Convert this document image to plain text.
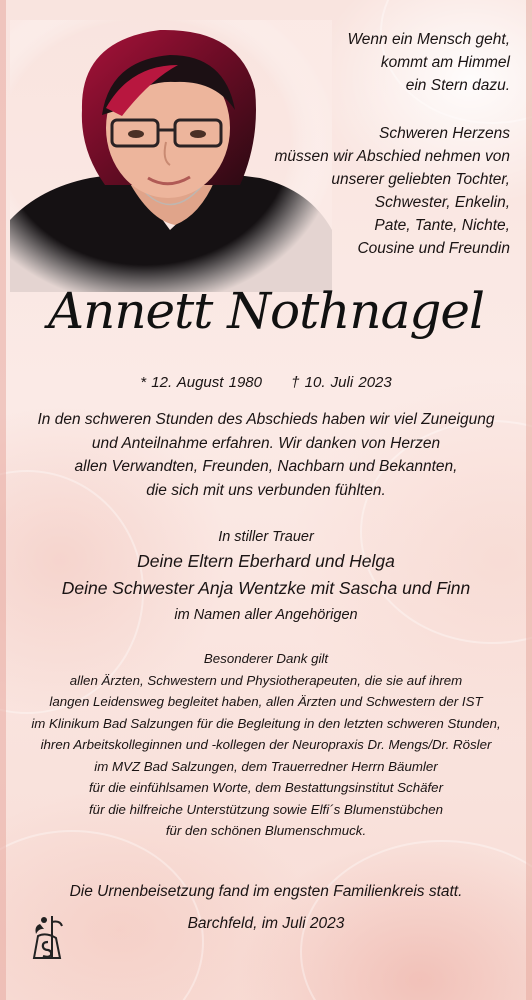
Wenn ein Mensch geht,
kommt am Himmel
ein Stern dazu.
Schweren Herzens
müssen wir Abschied nehmen von
unserer geliebten Tochter,
Schwester, Enkelin,
Pate, Tante, Nichte,
Cousine und Freundin
Annett Nothnagel
* 12. August 1980 † 10. Juli 2023
In den schweren Stunden des Abschieds haben wir viel Zuneigung
und Anteilnahme erfahren. Wir danken von Herzen
allen Verwandten, Freunden, Nachbarn und Bekannten,
die sich mit uns verbunden fühlten.
In stiller Trauer
Deine Eltern Eberhard und Helga
Deine Schwester Anja Wentzke mit Sascha und Finn
im Namen aller Angehörigen
Besonderer Dank gilt
allen Ärzten, Schwestern und Physiotherapeuten, die sie auf ihrem
langen Leidensweg begleitet haben, allen Ärzten und Schwestern der IST
im Klinikum Bad Salzungen für die Begleitung in den letzten schweren Stunden,
ihren Arbeitskolleginnen und -kollegen der Neuropraxis Dr. Mengs/Dr. Rösler
im MVZ Bad Salzungen, dem Trauerredner Herrn Bäumler
für die einfühlsamen Worte, dem Bestattungsinstitut Schäfer
für die hilfreiche Unterstützung sowie Elfi´s Blumenstübchen
für den schönen Blumenschmuck.
Die Urnenbeisetzung fand im engsten Familienkreis statt.
Barchfeld, im Juli 2023
